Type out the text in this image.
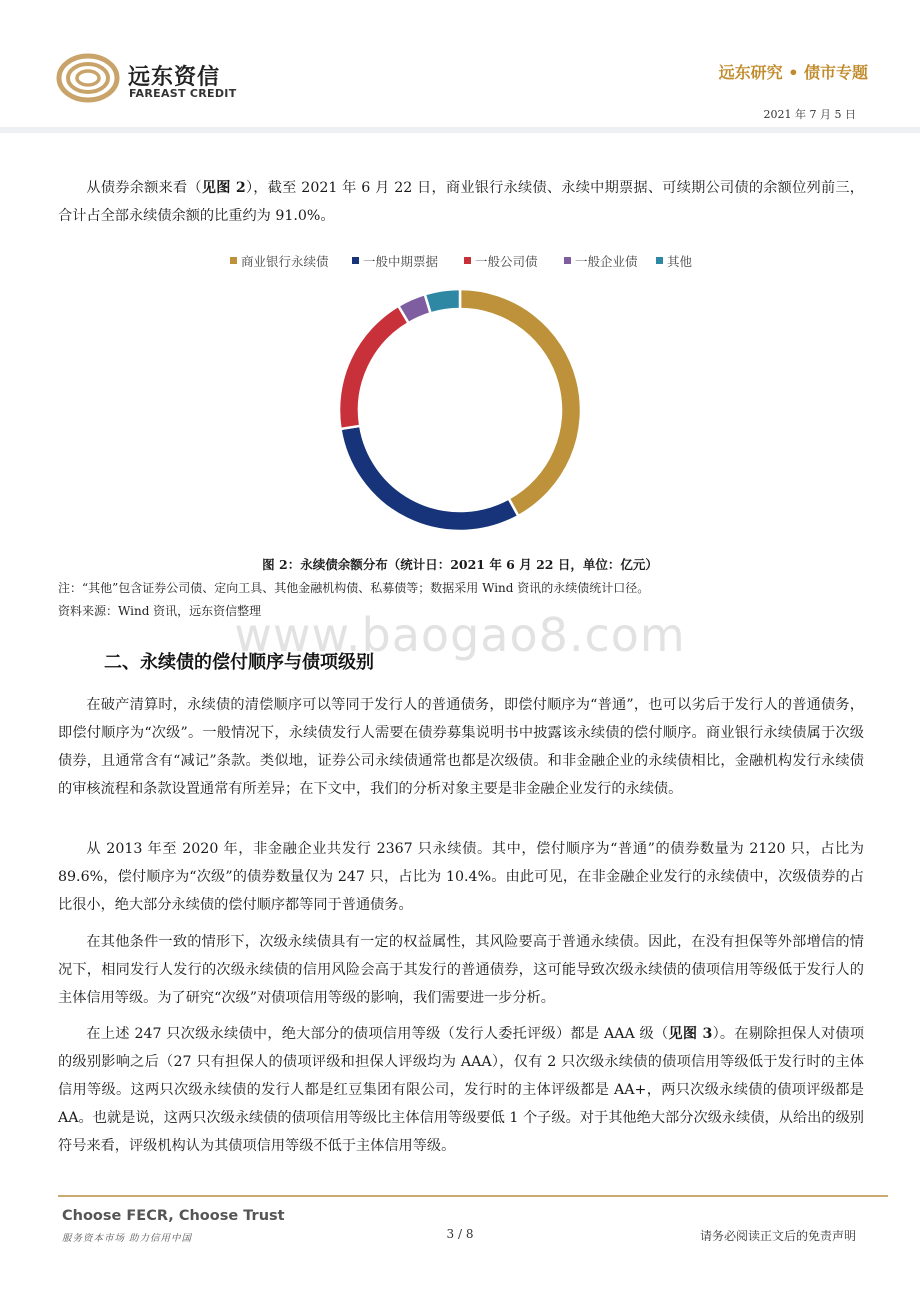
远东资信
FAREAST CREDIT
远东研究 • 债市专题
2021 年 7 月 5 日

从债券余额来看（见图 2），截至 2021 年 6 月 22 日，商业银行永续债、永续中期票据、可续期公司债的余额位列前三，合计占全部永续债余额的比重约为 91.0%。

商业银行永续债	一般中期票据	一般公司债	一般企业债	其他
图 2：永续债余额分布（统计日：2021 年 6 月 22 日，单位：亿元）
注：“其他”包含证券公司债、定向工具、其他金融机构债、私募债等；数据采用 Wind 资讯的永续债统计口径。
资料来源：Wind 资讯，远东资信整理
www.baogao8.com
二、永续债的偿付顺序与债项级别

在破产清算时，永续债的清偿顺序可以等同于发行人的普通债务，即偿付顺序为“普通”，也可以劣后于发行人的普通债务，即偿付顺序为“次级”。一般情况下，永续债发行人需要在债券募集说明书中披露该永续债的偿付顺序。商业银行永续债属于次级债券，且通常含有“减记”条款。类似地，证券公司永续债通常也都是次级债。和非金融企业的永续债相比，金融机构发行永续债的审核流程和条款设置通常有所差异；在下文中，我们的分析对象主要是非金融企业发行的永续债。

从 2013 年至 2020 年，非金融企业共发行 2367 只永续债。其中，偿付顺序为“普通”的债券数量为 2120 只，占比为 89.6%，偿付顺序为“次级”的债券数量仅为 247 只，占比为 10.4%。由此可见，在非金融企业发行的永续债中，次级债券的占比很小，绝大部分永续债的偿付顺序都等同于普通债务。

在其他条件一致的情形下，次级永续债具有一定的权益属性，其风险要高于普通永续债。因此，在没有担保等外部增信的情况下，相同发行人发行的次级永续债的信用风险会高于其发行的普通债券，这可能导致次级永续债的债项信用等级低于发行人的主体信用等级。为了研究“次级”对债项信用等级的影响，我们需要进一步分析。

在上述 247 只次级永续债中，绝大部分的债项信用等级（发行人委托评级）都是 AAA 级（见图 3）。在剔除担保人对债项的级别影响之后（27 只有担保人的债项评级和担保人评级均为 AAA），仅有 2 只次级永续债的债项信用等级低于发行时的主体信用等级。这两只次级永续债的发行人都是红豆集团有限公司，发行时的主体评级都是 AA+，两只次级永续债的债项评级都是 AA。也就是说，这两只次级永续债的债项信用等级比主体信用等级要低 1 个子级。对于其他绝大部分次级永续债，从给出的级别符号来看，评级机构认为其债项信用等级不低于主体信用等级。

Choose FECR, Choose Trust
服务资本市场 助力信用中国	3 / 8	请务必阅读正文后的免责声明
